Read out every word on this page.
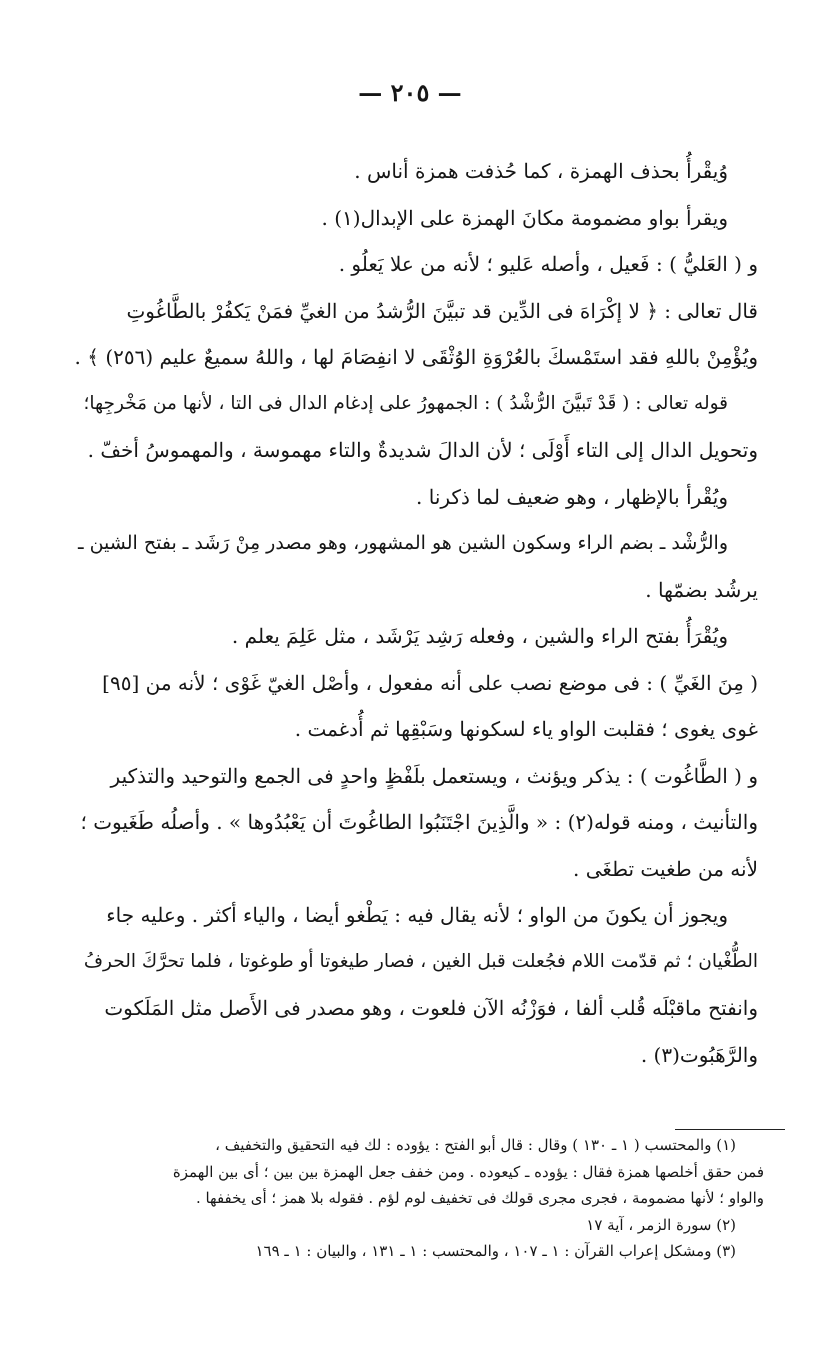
— ٢٠٥ —
وُيقْرأُ بحذف الهمزة ، كما حُذفت همزة أناس .
ويقرأ بواو مضمومة مكانَ الهمزة على الإبدال(١) .
و ( العَليُّ ) : فَعيل ، وأصله عَليو ؛ لأنه من علا يَعلُو .
قال تعالى : ﴿ لا إكْرَاهَ فى الدِّين قد تبيَّنَ الرُّشدُ من الغيِّ فمَنْ يَكفُرْ بالطَّاغُوتِ
ويُؤْمِنْ باللهِ فقد استَمْسكَ بالعُرْوَةِ الوُثْقَى لا انفِصَامَ لها ، واللهُ سميعٌ عليم (٢٥٦) ﴾ .
قوله تعالى : ( قَدْ تَبيَّنَ الرُّشْدُ ) : الجمهورُ على إدغام الدال فى التا ، لأنها من مَخْرجِها؛
وتحويل الدال إلى التاء أَوْلَى ؛ لأن الدالَ شديدةٌ والتاء مهموسة ، والمهموسُ أخفّ .
ويُقْرأ بالإظهار ، وهو ضعيف لما ذكرنا .
والرُّشْد ـ بضم الراء وسكون الشين هو المشهور، وهو مصدر مِنْ رَشَد ـ بفتح الشين ـ
يرشُد بضمّها .
ويُقْرَأُ بفتح الراء والشين ، وفعله رَشِد يَرْشَد ، مثل عَلِمَ يعلم .
( مِنَ الغَيِّ ) : فى موضع نصب على أنه مفعول ، وأصْل الغيّ غَوْى ؛ لأنه من [٩٥]
غوى يغوى ؛ فقلبت الواو ياء لسكونها وسَبْقِها ثم أُدغمت .
و ( الطَّاغُوت ) : يذكر ويؤنث ، ويستعمل بلَفْظٍ واحدٍ فى الجمع والتوحيد والتذكير
والتأنيث ، ومنه قوله(٢) : « والَّذِينَ اجْتَنَبُوا الطاغُوتَ أن يَعْبُدُوها » . وأصلُه طَغَيوت ؛
لأنه من طغيت تطغَى .
ويجوز أن يكونَ من الواو ؛ لأنه يقال فيه : يَطْغو أيضا ، والياء أكثر . وعليه جاء
الطُّغْيان ؛ ثم قدّمت اللام فجُعلت قبل الغين ، فصار طيغوتا أو طوغوتا ، فلما تحرَّكَ الحرفُ
وانفتح ماقبْلَه قُلب ألفا ، فوَزْنُه الآن فلعوت ، وهو مصدر فى الأَصل مثل المَلَكوت
والرَّهَبُوت(٣) .
(١) والمحتسب ( ١ ـ ١٣٠ ) وقال : قال أبو الفتح : يؤوده : لك فيه التحقيق والتخفيف ،
فمن حقق أخلصها همزة فقال : يؤوده ـ كيعوده . ومن خفف جعل الهمزة بين بين ؛ أى بين الهمزة
والواو ؛ لأنها مضمومة ، فجرى مجرى قولك فى تخفيف لوم لؤم . فقوله بلا همز ؛ أى يخففها .
(٢) سورة الزمر ، آية ١٧
(٣) ومشكل إعراب القرآن : ١ ـ ١٠٧ ، والمحتسب : ١ ـ ١٣١ ، والبيان : ١ ـ ١٦٩
